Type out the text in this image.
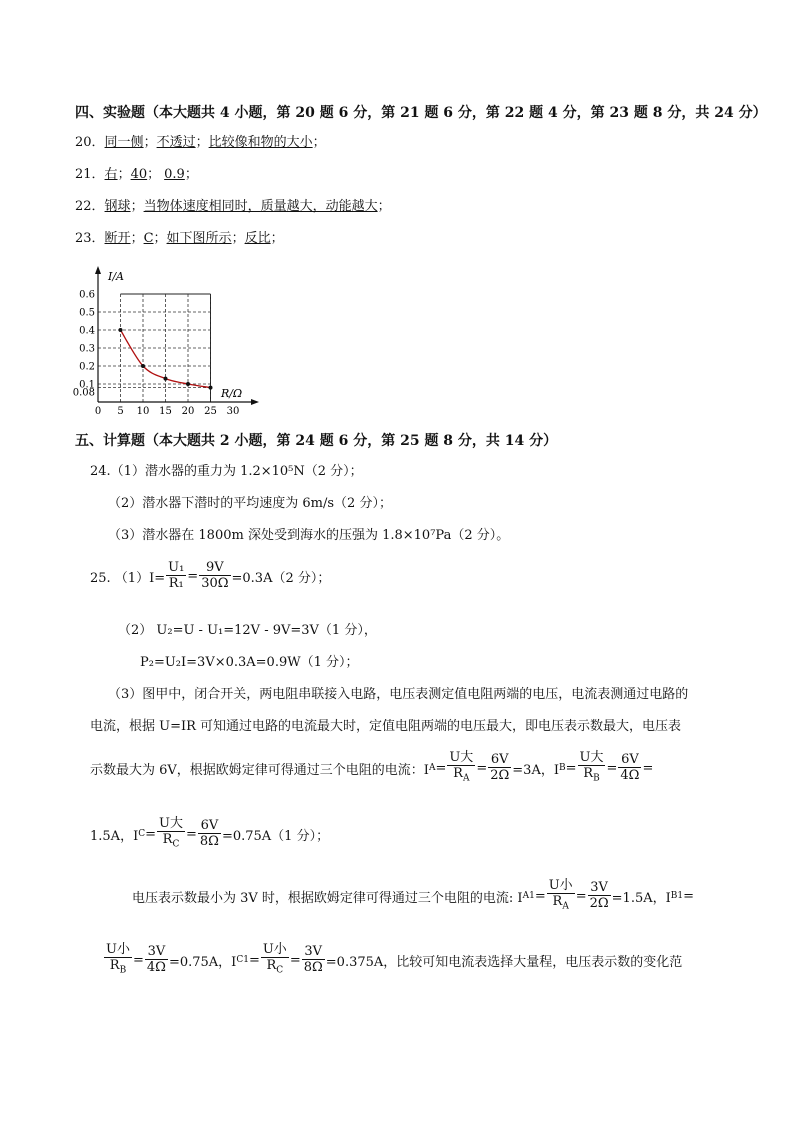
四、实验题（本大题共 4 小题，第 20 题 6 分，第 21 题 6 分，第 22 题 4 分，第 23 题 8 分，共 24 分）
20．同一侧；不透过；比较像和物的大小；
21．右；40； 0.9；
22．钢球；当物体速度相同时，质量越大，动能越大；
23．断开；C；如下图所示；反比；
I/A
R/Ω
0 5 10 15 20 25 30
0.6
0.5
0.4
0.3
0.2
0.1
0.08
五、计算题（本大题共 2 小题，第 24 题 6 分，第 25 题 8 分，共 14 分）
24.（1）潜水器的重力为 1.2×10⁵N（2 分）；
（2）潜水器下潜时的平均速度为 6m/s（2 分）；
（3）潜水器在 1800m 深处受到海水的压强为 1.8×10⁷Pa（2 分）。
25. $(1)I= \frac{\text{U₁}}{\text{R₁}} = \frac{9V}{30\Omega} =0.3A(2$ 分）；
（2） U₂=U - U₁=12V - 9V=3V（1 分），
P₂=U₂I=3V×0.3A=0.9W（1 分）；
（3）图甲中，闭合开关，两电阻串联接入电路，电压表测定值电阻两端的电压，电流表测通过电路的
电流，根据 U=IR 可知通过电路的电流最大时，定值电阻两端的电压最大，即电压表示数最大，电压表
示数最大为 6V，根据欧姆定律可得通过三个电阻的电流：$IA= \frac{\text{U大}}{R_A} = \frac{6V}{2\Omega} =3A$，$IB= \frac{\text{U大}}{R_B} = \frac{6V}{4\Omega}$ =
1.5A，$IC= \frac{\text{U大}}{R_C} = \frac{6V}{8\Omega} =0.75A(1$ 分）；
电压表示数最小为 3V 时，根据欧姆定律可得通过三个电阻的电流: $IA1= \frac{\text{U小}}{R_A} = \frac{3V}{2\Omega} =1.5A$，IB1=
$\frac{\text{U小}}{R_B} = \frac{3V}{4\Omega} =0.75A$，$IC1= \frac{\text{U小}}{R_C} = \frac{3V}{8\Omega} =0.375A$，比较可知电流表选择大量程，电压表示数的变化范
